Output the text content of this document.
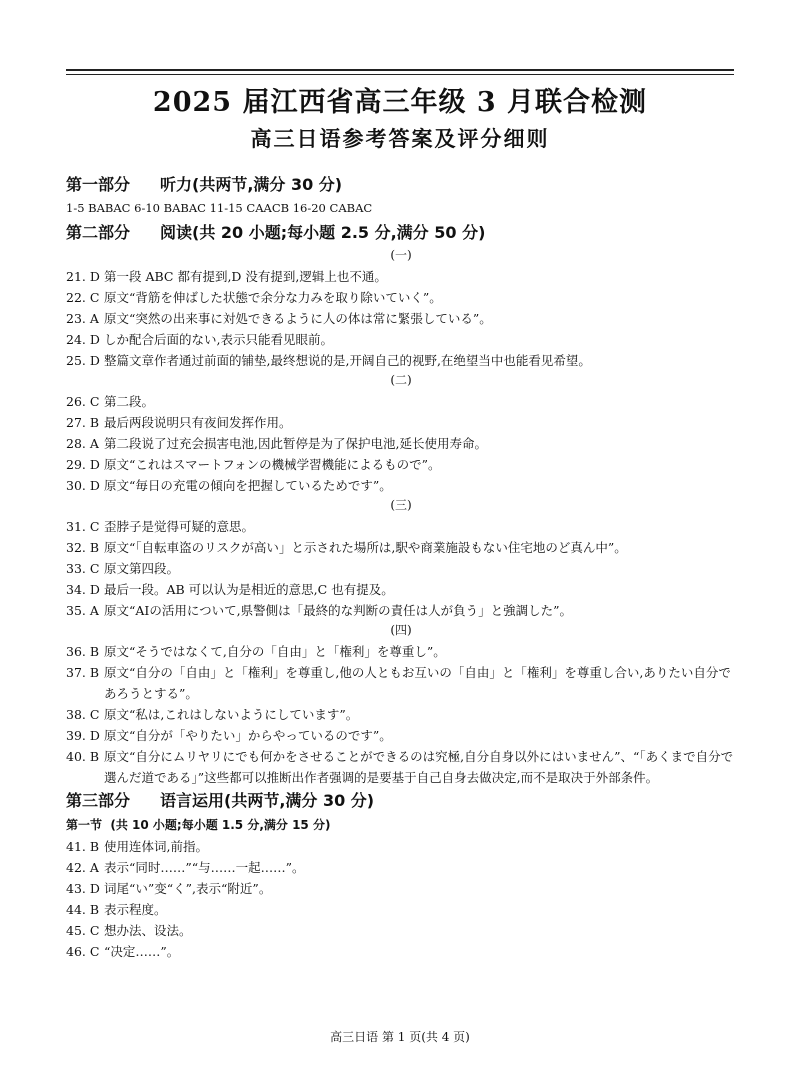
2025 届江西省高三年级 3 月联合检测
高三日语参考答案及评分细则
第一部分 听力(共两节,满分 30 分)
1-5 BABAC 6-10 BABAC 11-15 CAACB 16-20 CABAC
第二部分 阅读(共 20 小题;每小题 2.5 分,满分 50 分)
(一)
21. D 第一段 ABC 都有提到,D 没有提到,逻辑上也不通。
22. C 原文“背筋を伸ばした状態で余分な力みを取り除いていく”。
23. A 原文“突然の出来事に対処できるように人の体は常に緊張している”。
24. D しか配合后面的ない,表示只能看见眼前。
25. D 整篇文章作者通过前面的铺垫,最终想说的是,开阔自己的视野,在绝望当中也能看见希望。
(二)
26. C 第二段。
27. B 最后两段说明只有夜间发挥作用。
28. A 第二段说了过充会损害电池,因此暂停是为了保护电池,延长使用寿命。
29. D 原文“これはスマートフォンの機械学習機能によるもので”。
30. D 原文“毎日の充電の傾向を把握しているためです”。
(三)
31. C 歪脖子是觉得可疑的意思。
32. B 原文“「自転車盗のリスクが高い」と示された場所は,駅や商業施設もない住宅地のど真ん中”。
33. C 原文第四段。
34. D 最后一段。AB 可以认为是相近的意思,C 也有提及。
35. A 原文“AIの活用について,県警側は「最終的な判断の責任は人が負う」と強調した”。
(四)
36. B 原文“そうではなくて,自分の「自由」と「権利」を尊重し”。
37. B 原文“自分の「自由」と「権利」を尊重し,他の人ともお互いの「自由」と「権利」を尊重し合い,ありたい自分であろうとする”。
38. C 原文“私は,これはしないようにしています”。
39. D 原文“自分が「やりたい」からやっているのです”。
40. B 原文“自分にムリヤリにでも何かをさせることができるのは究極,自分自身以外にはいません”、“「あくまで自分で選んだ道である」”这些都可以推断出作者强调的是要基于自己自身去做决定,而不是取决于外部条件。
第三部分 语言运用(共两节,满分 30 分)
第一节 (共 10 小题;每小题 1.5 分,满分 15 分)
41. B 使用连体词,前指。
42. A 表示“同时……”“与……一起……”。
43. D 词尾“い”变“く”,表示“附近”。
44. B 表示程度。
45. C 想办法、设法。
46. C “决定……”。
高三日语 第 1 页(共 4 页)
